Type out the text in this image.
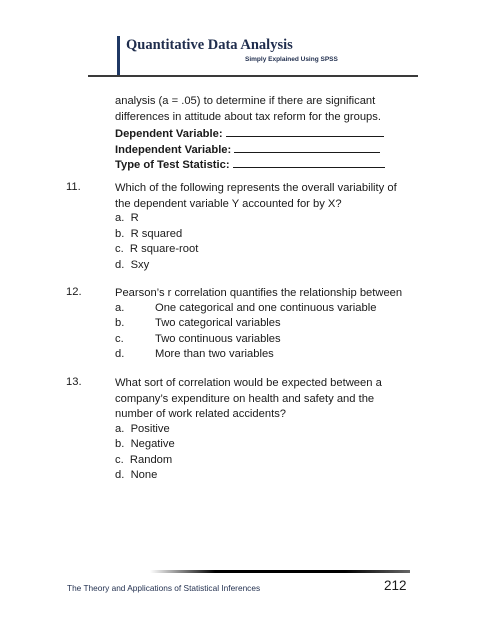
Quantitative Data Analysis
Simply Explained Using SPSS
analysis (a = .05) to determine if there are significant
differences in attitude about tax reform for the groups.
Dependent Variable:
Independent Variable:
Type of Test Statistic:
11.	Which of the following represents the overall variability of
the dependent variable Y accounted for by X?
a. R
b. R squared
c. R square-root
d. Sxy
12.	Pearson’s r correlation quantifies the relationship between
a.	One categorical and one continuous variable
b.	Two categorical variables
c.	Two continuous variables
d.	More than two variables
13.	What sort of correlation would be expected between a
company’s expenditure on health and safety and the
number of work related accidents?
a. Positive
b. Negative
c. Random
d. None
The Theory and Applications of Statistical Inferences	212
